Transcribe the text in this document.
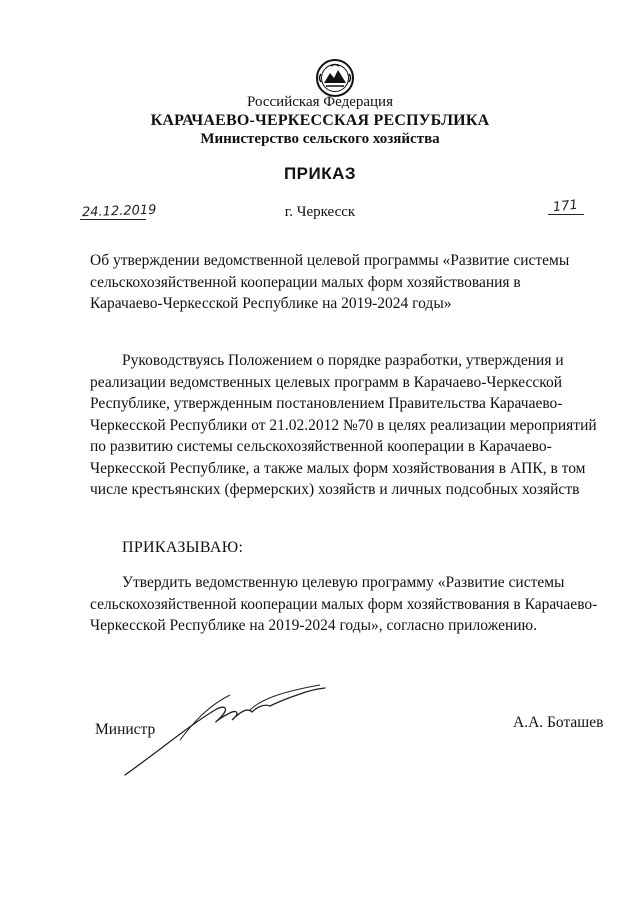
Российская Федерация
КАРАЧАЕВО-ЧЕРКЕССКАЯ РЕСПУБЛИКА
Министерство сельского хозяйства
ПРИКАЗ
24.12.2019	г. Черкесск	171
Об утверждении ведомственной целевой программы «Развитие системы
сельскохозяйственной кооперации малых форм хозяйствования в
Карачаево-Черкесской Республике на 2019-2024 годы»
Руководствуясь Положением о порядке разработки, утверждения и
реализации ведомственных целевых программ в Карачаево-Черкесской
Республике, утвержденным постановлением Правительства Карачаево-
Черкесской Республики от 21.02.2012 №70 в целях реализации мероприятий
по развитию системы сельскохозяйственной кооперации в Карачаево-
Черкесской Республике, а также малых форм хозяйствования в АПК, в том
числе крестьянских (фермерских) хозяйств и личных подсобных хозяйств
ПРИКАЗЫВАЮ:
Утвердить ведомственную целевую программу «Развитие системы
сельскохозяйственной кооперации малых форм хозяйствования в Карачаево-
Черкесской Республике на 2019-2024 годы», согласно приложению.
Министр	А.А. Боташев
